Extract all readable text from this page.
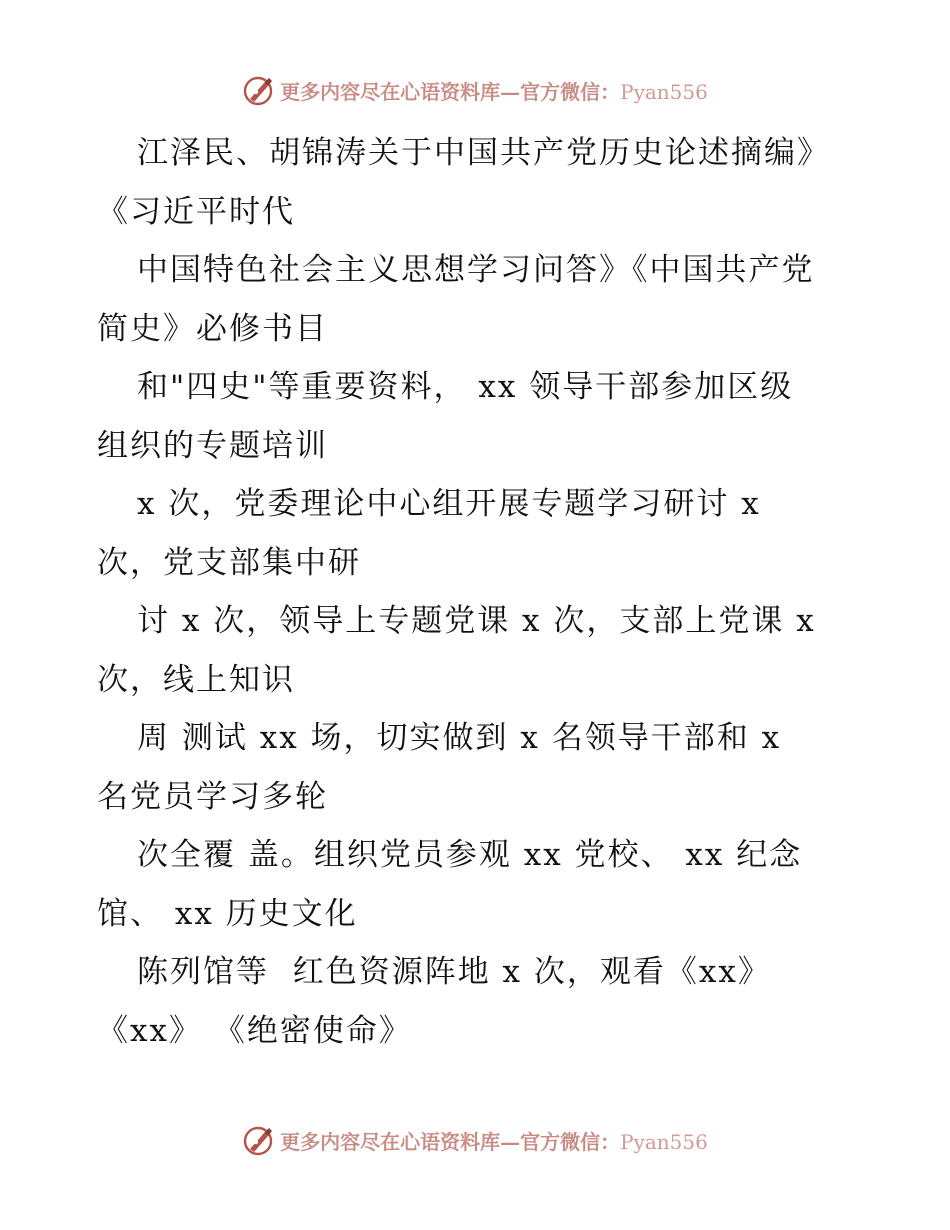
更多内容尽在心语资料库—官方微信：Pyan556
江泽民、胡锦涛关于中国共产党历史论述摘编》
《习近平时代
中国特色社会主义思想学习问答》《中国共产党
简史》必修书目
和"四史"等重要资料， xx 领导干部参加区级
组织的专题培训
x 次，党委理论中心组开展专题学习研讨 x
次，党支部集中研
讨 x 次，领导上专题党课 x 次，支部上党课 x
次，线上知识
周 测试 xx 场，切实做到 x 名领导干部和 x
名党员学习多轮
次全覆 盖。组织党员参观 xx 党校、 xx 纪念
馆、 xx 历史文化
陈列馆等  红色资源阵地 x 次，观看《xx》
《xx》 《绝密使命》
更多内容尽在心语资料库—官方微信：Pyan556
